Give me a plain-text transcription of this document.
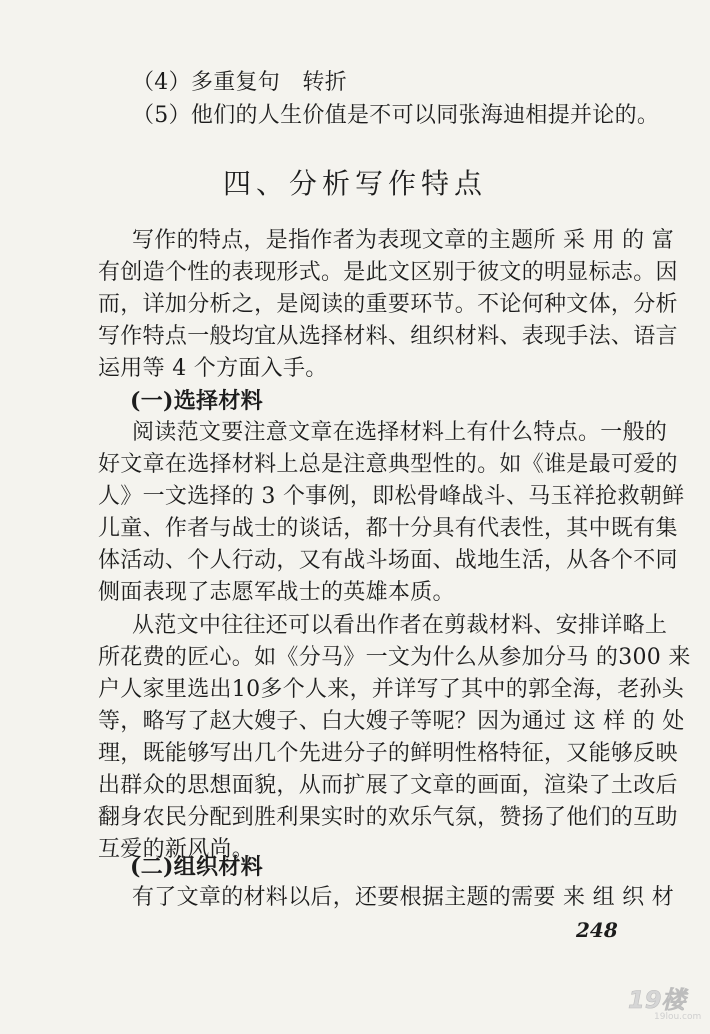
（4）多重复句　转折
（5）他们的人生价值是不可以同张海迪相提并论的。
四、分析写作特点
写作的特点，是指作者为表现文章的主题所 采 用 的 富
有创造个性的表现形式。是此文区别于彼文的明显标志。因
而，详加分析之，是阅读的重要环节。不论何种文体，分析
写作特点一般均宜从选择材料、组织材料、表现手法、语言
运用等 4 个方面入手。
(一)选择材料
阅读范文要注意文章在选择材料上有什么特点。一般的
好文章在选择材料上总是注意典型性的。如《谁是最可爱的
人》一文选择的 3 个事例，即松骨峰战斗、马玉祥抢救朝鲜
儿童、作者与战士的谈话，都十分具有代表性，其中既有集
体活动、个人行动，又有战斗场面、战地生活，从各个不同
侧面表现了志愿军战士的英雄本质。
从范文中往往还可以看出作者在剪裁材料、安排详略上
所花费的匠心。如《分马》一文为什么从参加分马 的300 来
户人家里选出10多个人来，并详写了其中的郭全海，老孙头
等，略写了赵大嫂子、白大嫂子等呢？因为通过 这 样 的 处
理，既能够写出几个先进分子的鲜明性格特征，又能够反映
出群众的思想面貌，从而扩展了文章的画面，渲染了土改后
翻身农民分配到胜利果实时的欢乐气氛，赞扬了他们的互助
互爱的新风尚。
(二)组织材料
有了文章的材料以后，还要根据主题的需要 来 组 织 材
248
19楼
19lou.com
